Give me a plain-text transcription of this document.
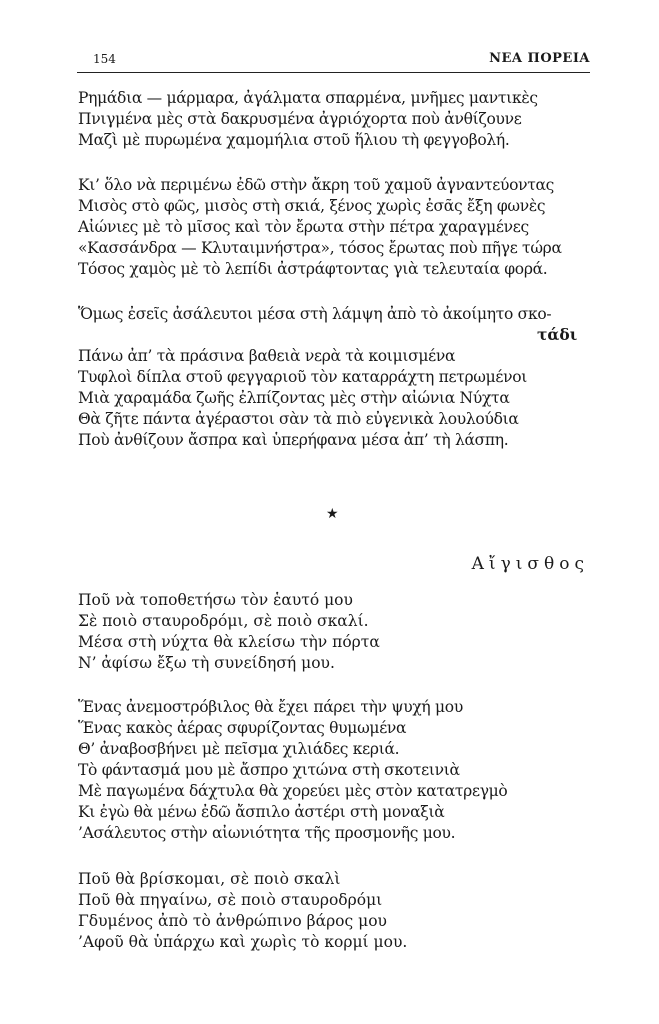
154	ΝΕΑ ΠΟΡΕΙΑ
Ρημάδια — μάρμαρα, ἀγάλματα σπαρμένα, μνῆμες μαντικὲς
Πνιγμένα μὲς στὰ δακρυσμένα ἀγριόχορτα ποὺ ἀνθίζουνε
Μαζὶ μὲ πυρωμένα χαμομήλια στοῦ ἥλιου τὴ φεγγοβολή.
Κι’ ὅλο νὰ περιμένω ἐδῶ στὴν ἄκρη τοῦ χαμοῦ ἀγναντεύοντας
Μισὸς στὸ φῶς, μισὸς στὴ σκιά, ξένος χωρὶς ἐσᾶς ἔξη φωνὲς
Αἰώνιες μὲ τὸ μῖσος καὶ τὸν ἔρωτα στὴν πέτρα χαραγμένες
«Κασσάνδρα — Κλυταιμνήστρα», τόσος ἔρωτας ποὺ πῆγε τώρα
Τόσος χαμὸς μὲ τὸ λεπίδι ἀστράφτοντας γιὰ τελευταία φορά.
Ὅμως ἐσεῖς ἀσάλευτοι μέσα στὴ λάμψη ἀπὸ τὸ ἀκοίμητο σκο-
τάδι
Πάνω ἀπ’ τὰ πράσινα βαθειὰ νερὰ τὰ κοιμισμένα
Τυφλοὶ δίπλα στοῦ φεγγαριοῦ τὸν καταρράχτη πετρωμένοι
Μιὰ χαραμάδα ζωῆς ἐλπίζοντας μὲς στὴν αἰώνια Νύχτα
Θὰ ζῆτε πάντα ἀγέραστοι σὰν τὰ πιὸ εὐγενικὰ λουλούδια
Ποὺ ἀνθίζουν ἄσπρα καὶ ὑπερήφανα μέσα ἀπ’ τὴ λάσπη.
★
Αἴγισθος
Ποῦ νὰ τοποθετήσω τὸν ἑαυτό μου
Σὲ ποιὸ σταυροδρόμι, σὲ ποιὸ σκαλί.
Μέσα στὴ νύχτα θὰ κλείσω τὴν πόρτα
Ν’ ἀφίσω ἔξω τὴ συνείδησή μου.
Ἕνας ἀνεμοστρόβιλος θὰ ἔχει πάρει τὴν ψυχή μου
Ἕνας κακὸς ἀέρας σφυρίζοντας θυμωμένα
Θ’ ἀναβοσβήνει μὲ πεῖσμα χιλιάδες κεριά.
Τὸ φάντασμά μου μὲ ἄσπρο χιτώνα στὴ σκοτεινιὰ
Μὲ παγωμένα δάχτυλα θὰ χορεύει μὲς στὸν κατατρεγμὸ
Κι ἐγὼ θὰ μένω ἐδῶ ἄσπιλο ἀστέρι στὴ μοναξιὰ
’Ασάλευτος στὴν αἰωνιότητα τῆς προσμονῆς μου.
Ποῦ θὰ βρίσκομαι, σὲ ποιὸ σκαλὶ
Ποῦ θὰ πηγαίνω, σὲ ποιὸ σταυροδρόμι
Γδυμένος ἀπὸ τὸ ἀνθρώπινο βάρος μου
’Αφοῦ θὰ ὑπάρχω καὶ χωρὶς τὸ κορμί μου.
